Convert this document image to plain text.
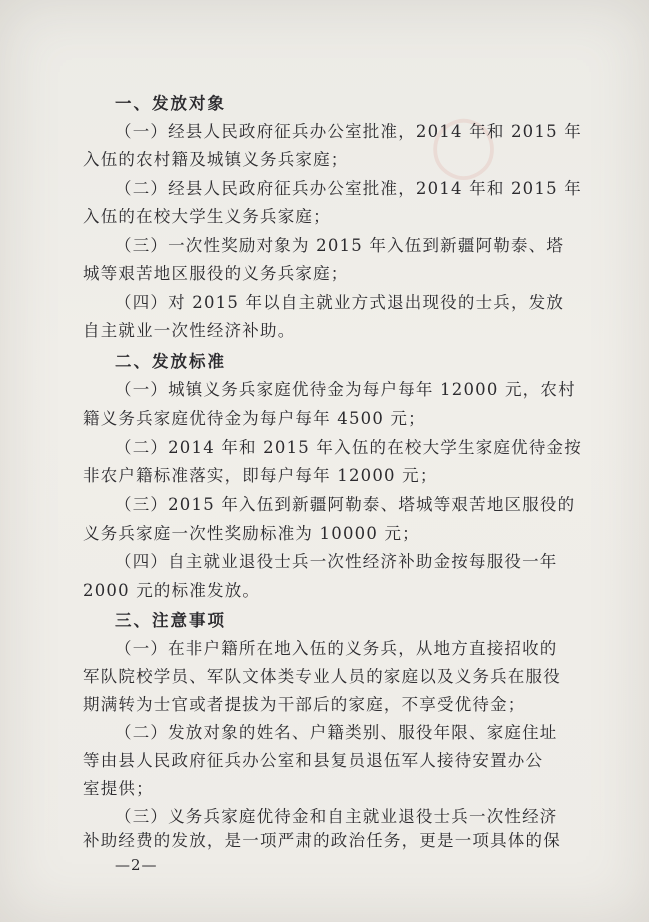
◯
一、发放对象
（一）经县人民政府征兵办公室批准，2014 年和 2015 年
入伍的农村籍及城镇义务兵家庭；
（二）经县人民政府征兵办公室批准，2014 年和 2015 年
入伍的在校大学生义务兵家庭；
（三）一次性奖励对象为 2015 年入伍到新疆阿勒泰、塔
城等艰苦地区服役的义务兵家庭；
（四）对 2015 年以自主就业方式退出现役的士兵，发放
自主就业一次性经济补助。
二、发放标准
（一）城镇义务兵家庭优待金为每户每年 12000 元，农村
籍义务兵家庭优待金为每户每年 4500 元；
（二）2014 年和 2015 年入伍的在校大学生家庭优待金按
非农户籍标准落实，即每户每年 12000 元；
（三）2015 年入伍到新疆阿勒泰、塔城等艰苦地区服役的
义务兵家庭一次性奖励标准为 10000 元；
（四）自主就业退役士兵一次性经济补助金按每服役一年
2000 元的标准发放。
三、注意事项
（一）在非户籍所在地入伍的义务兵，从地方直接招收的
军队院校学员、军队文体类专业人员的家庭以及义务兵在服役
期满转为士官或者提拔为干部后的家庭，不享受优待金；
（二）发放对象的姓名、户籍类别、服役年限、家庭住址
等由县人民政府征兵办公室和县复员退伍军人接待安置办公
室提供；
（三）义务兵家庭优待金和自主就业退役士兵一次性经济
补助经费的发放，是一项严肃的政治任务，更是一项具体的保
—2—
